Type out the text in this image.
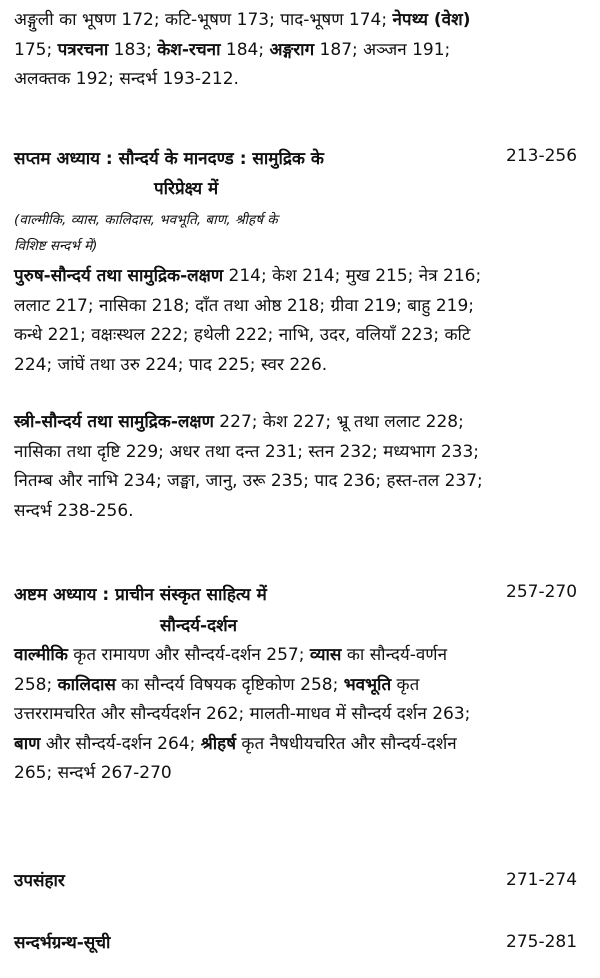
अङ्गुली का भूषण 172; कटि-भूषण 173; पाद-भूषण 174; नेपथ्य (वेश) 175; पत्ररचना 183; केश-रचना 184; अङ्गराग 187; अञ्जन 191; अलक्तक 192; सन्दर्भ 193-212.
सप्तम अध्याय : सौन्दर्य के मानदण्ड : सामुद्रिक के	213-256
परिप्रेक्ष्य में
(वाल्मीकि, व्यास, कालिदास, भवभूति, बाण, श्रीहर्ष के
विशिष्ट सन्दर्भ में)
पुरुष-सौन्दर्य तथा सामुद्रिक-लक्षण 214; केश 214; मुख 215; नेत्र 216; ललाट 217; नासिका 218; दाँत तथा ओष्ठ 218; ग्रीवा 219; बाहु 219; कन्धे 221; वक्षःस्थल 222; हथेली 222; नाभि, उदर, वलियाँ 223; कटि 224; जांघें तथा उरु 224; पाद 225; स्वर 226.
स्त्री-सौन्दर्य तथा सामुद्रिक-लक्षण 227; केश 227; भ्रू तथा ललाट 228; नासिका तथा दृष्टि 229; अधर तथा दन्त 231; स्तन 232; मध्यभाग 233; नितम्ब और नाभि 234; जङ्घा, जानु, उरू 235; पाद 236; हस्त-तल 237; सन्दर्भ 238-256.
अष्टम अध्याय : प्राचीन संस्कृत साहित्य में	257-270
सौन्दर्य-दर्शन
वाल्मीकि कृत रामायण और सौन्दर्य-दर्शन 257; व्यास का सौन्दर्य-वर्णन 258; कालिदास का सौन्दर्य विषयक दृष्टिकोण 258; भवभूति कृत उत्तररामचरित और सौन्दर्यदर्शन 262; मालती-माधव में सौन्दर्य दर्शन 263; बाण और सौन्दर्य-दर्शन 264; श्रीहर्ष कृत नैषधीयचरित और सौन्दर्य-दर्शन 265; सन्दर्भ 267-270
उपसंहार	271-274
सन्दर्भग्रन्थ-सूची	275-281
